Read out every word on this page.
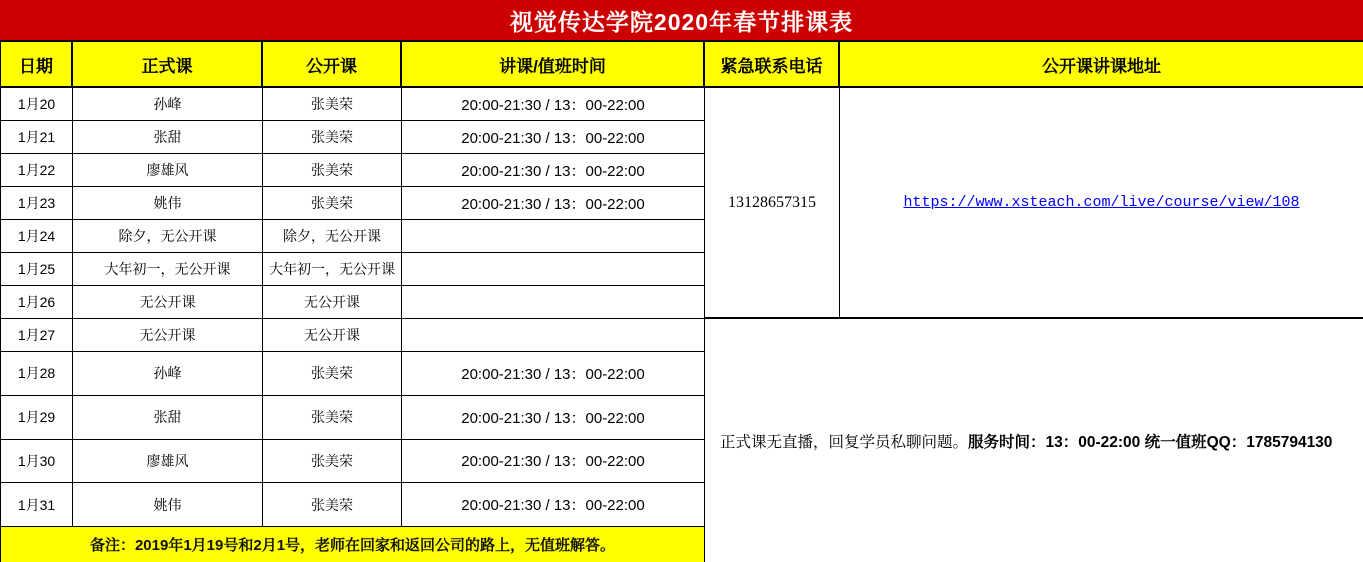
视觉传达学院2020年春节排课表
日期	正式课	公开课	讲课/值班时间	紧急联系电话	公开课讲课地址
1月20	孙峰	张美荣	20:00-21:30 / 13：00-22:00
1月21	张甜	张美荣	20:00-21:30 / 13：00-22:00
1月22	廖雄风	张美荣	20:00-21:30 / 13：00-22:00
1月23	姚伟	张美荣	20:00-21:30 / 13：00-22:00
1月24	除夕，无公开课	除夕，无公开课
1月25	大年初一，无公开课	大年初一，无公开课
1月26	无公开课	无公开课
1月27	无公开课	无公开课
1月28	孙峰	张美荣	20:00-21:30 / 13：00-22:00
1月29	张甜	张美荣	20:00-21:30 / 13：00-22:00
1月30	廖雄风	张美荣	20:00-21:30 / 13：00-22:00
1月31	姚伟	张美荣	20:00-21:30 / 13：00-22:00
备注：2019年1月19号和2月1号，老师在回家和返回公司的路上，无值班解答。
13128657315	https://www.xsteach.com/live/course/view/108
正式课无直播，回复学员私聊问题。服务时间：13：00-22:00 统一值班QQ：1785794130
